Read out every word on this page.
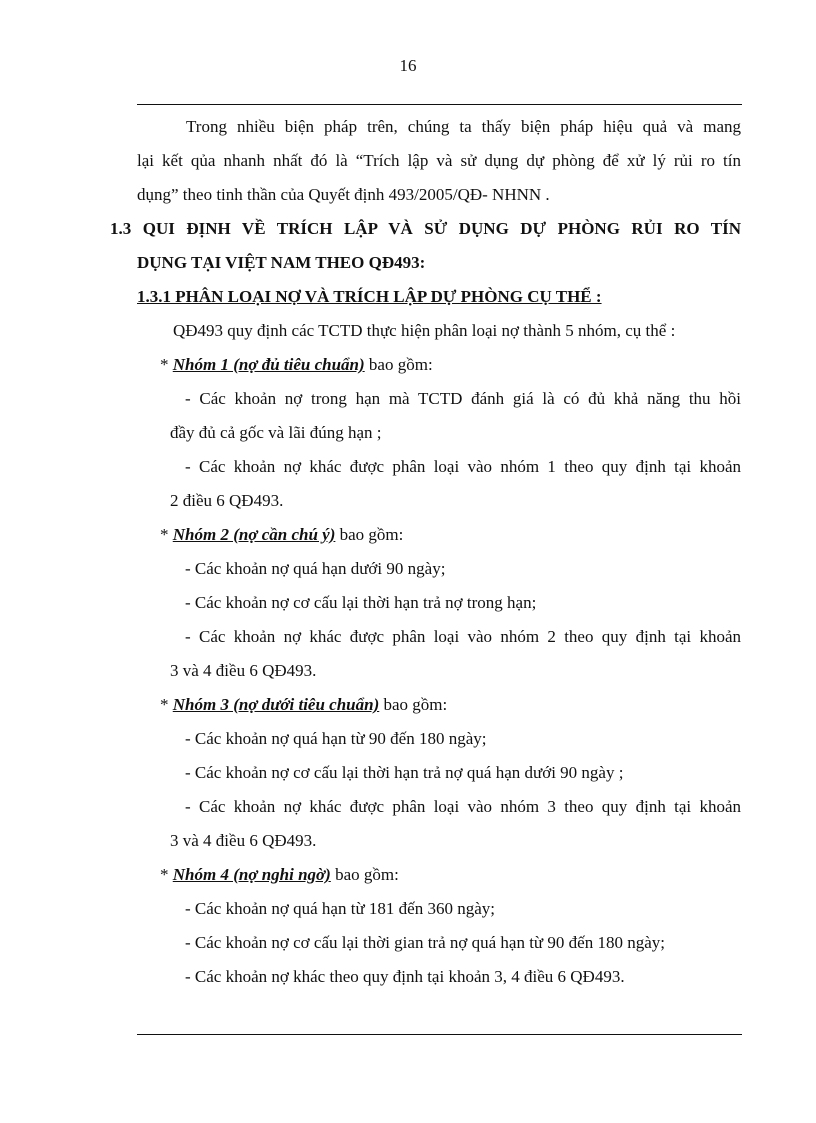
16
Trong nhiều biện pháp trên, chúng ta thấy biện pháp hiệu quả và mang
lại kết qủa nhanh nhất đó là “Trích lập và sử dụng dự phòng để xử lý rủi ro tín
dụng” theo tinh thần của Quyết định 493/2005/QĐ- NHNN .
1.3 QUI ĐỊNH VỀ TRÍCH LẬP VÀ SỬ DỤNG DỰ PHÒNG RỦI RO TÍN
DỤNG TẠI VIỆT NAM THEO QĐ493:
1.3.1 PHÂN LOẠI NỢ VÀ TRÍCH LẬP DỰ PHÒNG CỤ THỂ :
QĐ493 quy định các TCTD thực hiện phân loại nợ thành 5 nhóm, cụ thể :
* Nhóm 1 (nợ đủ tiêu chuẩn) bao gồm:
- Các khoản nợ trong hạn mà TCTD đánh giá là có đủ khả năng thu hồi
đầy đủ cả gốc và lãi đúng hạn ;
- Các khoản nợ khác được phân loại vào nhóm 1 theo quy định tại khoản
2 điều 6 QĐ493.
* Nhóm 2 (nợ cần chú ý) bao gồm:
- Các khoản nợ quá hạn dưới 90 ngày;
- Các khoản nợ cơ cấu lại thời hạn trả nợ trong hạn;
- Các khoản nợ khác được phân loại vào nhóm 2 theo quy định tại khoản
3 và 4 điều 6 QĐ493.
* Nhóm 3 (nợ dưới tiêu chuẩn) bao gồm:
- Các khoản nợ quá hạn từ 90 đến 180 ngày;
- Các khoản nợ cơ cấu lại thời hạn trả nợ quá hạn dưới 90 ngày ;
- Các khoản nợ khác được phân loại vào nhóm 3 theo quy định tại khoản
3 và 4 điều 6 QĐ493.
* Nhóm 4 (nợ nghi ngờ) bao gồm:
- Các khoản nợ quá hạn từ 181 đến 360 ngày;
- Các khoản nợ cơ cấu lại thời gian trả nợ quá hạn từ 90 đến 180 ngày;
- Các khoản nợ khác theo quy định tại khoản 3, 4 điều 6 QĐ493.
